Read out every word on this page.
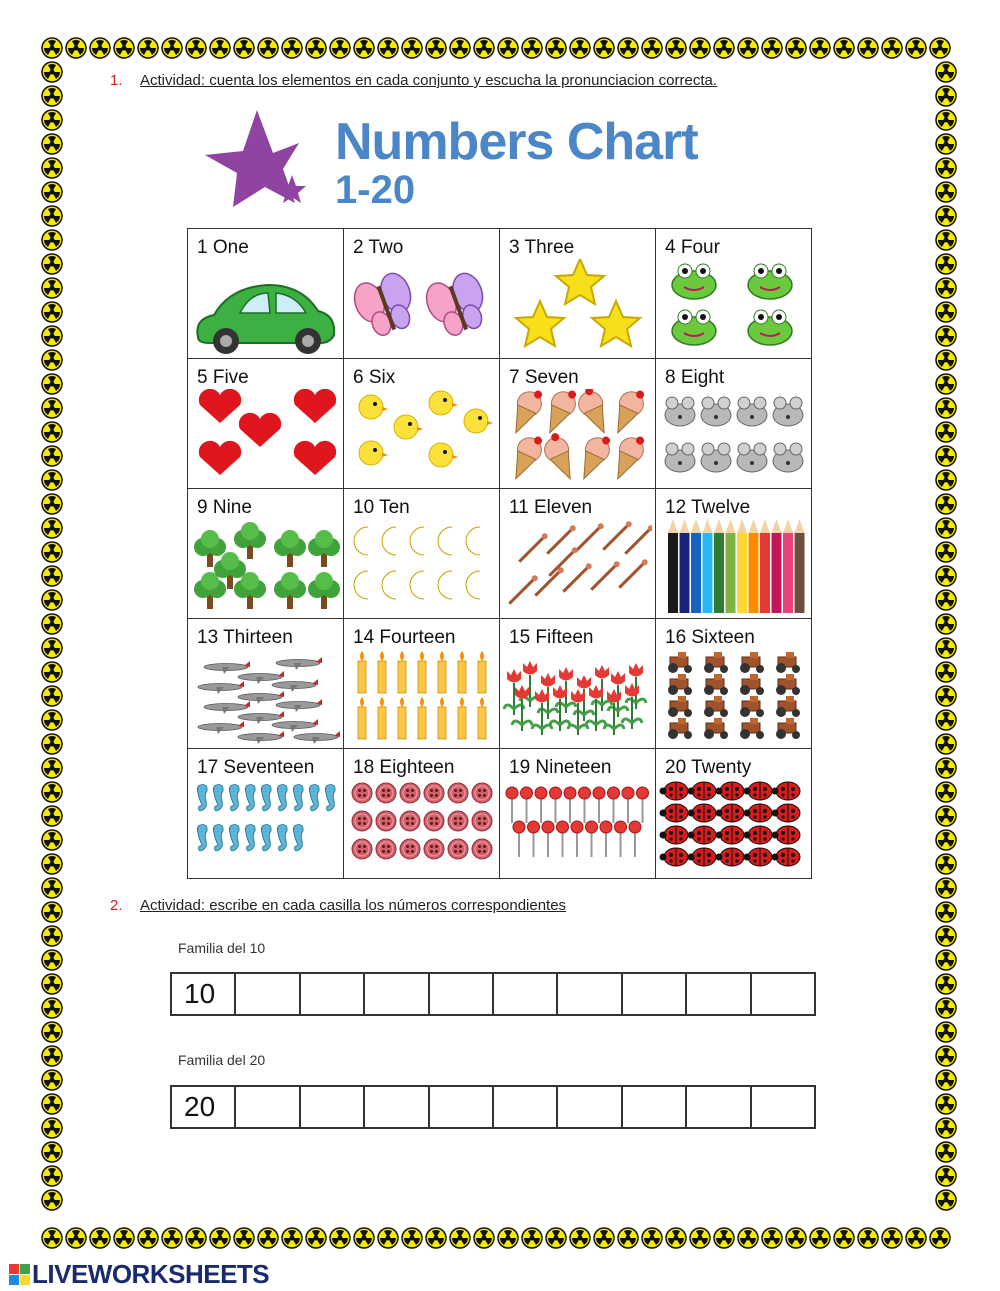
1. Actividad: cuenta los elementos en cada conjunto y escucha la pronunciacion correcta.
Numbers Chart
1-20
1 One	2 Two	3 Three	4 Four

5 Five	6 Six	7 Seven	8 Eight

9 Nine	10 Ten	11 Eleven	12 Twelve

13 Thirteen	14 Fourteen	15 Fifteen	16 Sixteen

17 Seventeen	18 Eighteen	19 Nineteen	20 Twenty
2. Actividad: escribe en cada casilla los números correspondientes
Familia del 10
10									
Familia del 20
20									
LIVEWORKSHEETS
